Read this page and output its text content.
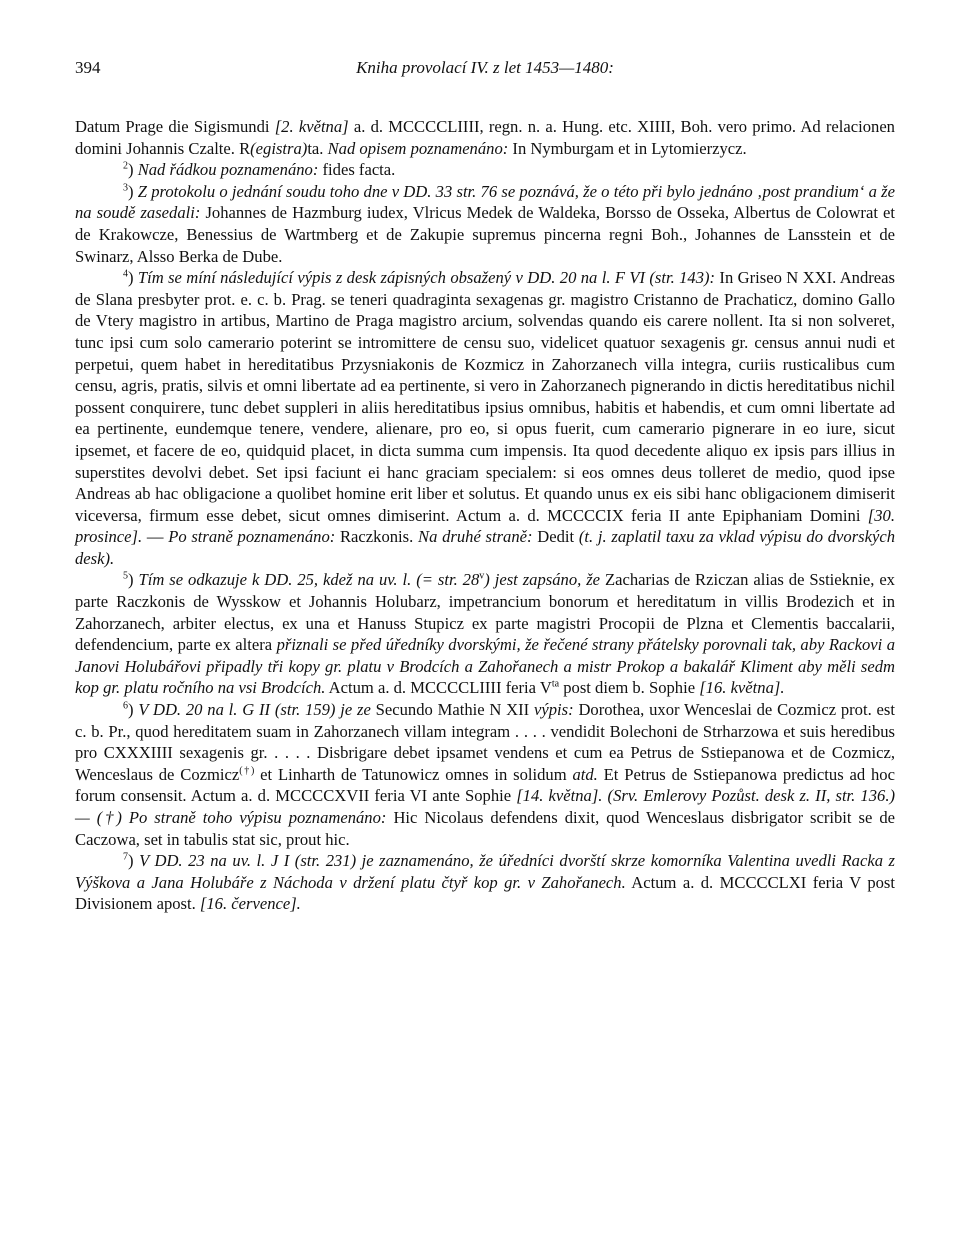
394	Kniha provolací IV. z let 1453—1480:

Datum Prage die Sigismundi [2. května] a. d. MCCCCLIIII, regn. n. a. Hung. etc. XIIII, Boh. vero primo. Ad relacionen domini Johannis Czalte. R(egistra)ta. Nad opisem poznamenáno: In Nymburgam et in Lytomierzycz.

$^2$) Nad řádkou poznamenáno: fides facta.

$^3$) Z protokolu o jednání soudu toho dne v DD. 33 str. 76 se poznává, že o této při bylo jednáno ‚post prandium‘ a že na soudě zasedali: Johannes de Hazmburg iudex, Vlricus Medek de Waldeka, Borsso de Osseka, Albertus de Colowrat et de Krakowcze, Benessius de Wartmberg et de Zakupie supremus pincerna regni Boh., Johannes de Lansstein et de Swinarz, Alsso Berka de Dube.

$^4$) Tím se míní následující výpis z desk zápisných obsažený v DD. 20 na l. F VI (str. 143): In Griseo N XXI. Andreas de Slana presbyter prot. e. c. b. Prag. se teneri quadraginta sexagenas gr. magistro Cristanno de Prachaticz, domino Gallo de Vtery magistro in artibus, Martino de Praga magistro arcium, solvendas quando eis carere nollent. Ita si non solveret, tunc ipsi cum solo camerario poterint se intromittere de censu suo, videlicet quatuor sexagenis gr. census annui nudi et perpetui, quem habet in hereditatibus Przysniakonis de Kozmicz in Zahorzanech villa integra, curiis rusticalibus cum censu, agris, pratis, silvis et omni libertate ad ea pertinente, si vero in Zahorzanech pignerando in dictis hereditatibus nichil possent conquirere, tunc debet suppleri in aliis hereditatibus ipsius omnibus, habitis et habendis, et cum omni libertate ad ea pertinente, eundemque tenere, vendere, alienare, pro eo, si opus fuerit, cum camerario pignerare in eo iure, sicut ipsemet, et facere de eo, quidquid placet, in dicta summa cum impensis. Ita quod decedente aliquo ex ipsis pars illius in superstites devolvi debet. Set ipsi faciunt ei hanc graciam specialem: si eos omnes deus tolleret de medio, quod ipse Andreas ab hac obligacione a quolibet homine erit liber et solutus. Et quando unus ex eis sibi hanc obligacionem dimiserit viceversa, firmum esse debet, sicut omnes dimiserint. Actum a. d. MCCCCIX feria II ante Epiphaniam Domini [30. prosince]. — Po straně poznamenáno: Raczkonis. Na druhé straně: Dedit (t. j. zaplatil taxu za vklad výpisu do dvorských desk).

$^5$) Tím se odkazuje k DD. 25, kdež na uv. l. (= str. 28$^v$) jest zapsáno, že Zacharias de Rziczan alias de Sstieknie, ex parte Raczkonis de Wysskow et Johannis Holubarz, impetrancium bonorum et hereditatum in villis Brodezich et in Zahorzanech, arbiter electus, ex una et Hanuss Stupicz ex parte magistri Procopii de Plzna et Clementis baccalarii, defendencium, parte ex altera přiznali se před úředníky dvorskými, že řečené strany přátelsky porovnali tak, aby Rackovi a Janovi Holubářovi připadly tři kopy gr. platu v Brodcích a Zahořanech a mistr Prokop a bakalář Kliment aby měli sedm kop gr. platu ročního na vsi Brodcích. Actum a. d. MCCCCLIIII feria $V^{ta}$ post diem b. Sophie [16. května].

$^6$) V DD. 20 na l. G II (str. 159) je ze Secundo Mathie N XII výpis: Dorothea, uxor Wenceslai de Cozmicz prot. est c. b. Pr., quod hereditatem suam in Zahorzanech villam integram . . . . vendidit Bolechoni de Strharzowa et suis heredibus pro CXXXIIII sexagenis gr. . . . . Disbrigare debet ipsamet vendens et cum ea Petrus de Sstiepanowa et de Cozmicz, Wenceslaus de Cozmicz(†) et Linharth de Tatunowicz omnes in solidum atd. Et Petrus de Sstiepanowa predictus ad hoc forum consensit. Actum a. d. MCCCCXVII feria VI ante Sophie [14. května]. (Srv. Emlerovy Pozůst. desk z. II, str. 136.) — (†) Po straně toho výpisu poznamenáno: Hic Nicolaus defendens dixit, quod Wenceslaus disbrigator scribit se de Caczowa, set in tabulis stat sic, prout hic.

$^7$) V DD. 23 na uv. l. J I (str. 231) je zaznamenáno, že úředníci dvorští skrze komorníka Valentina uvedli Racka z Výškova a Jana Holubáře z Náchoda v držení platu čtyř kop gr. v Zahořanech. Actum a. d. MCCCCLXI feria V post Divisionem apost. [16. července].
